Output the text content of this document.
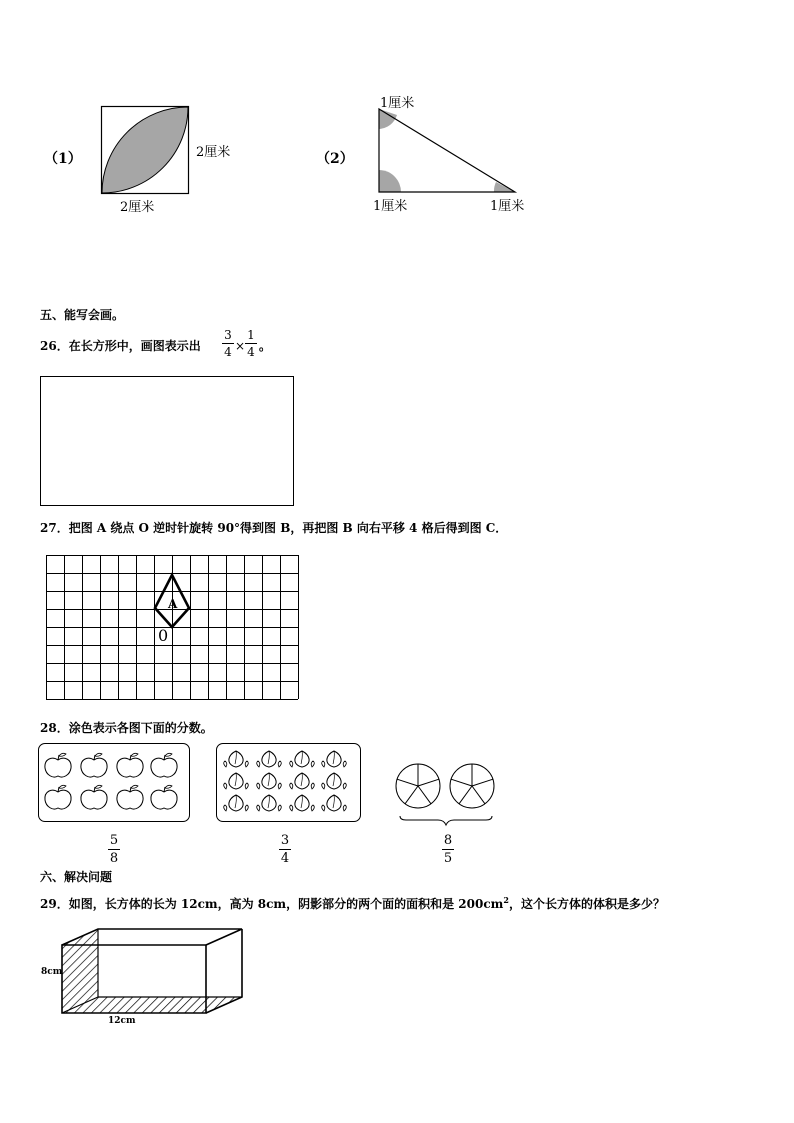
（1）	2厘米
2厘米
（2）
1厘米
1厘米	1厘米
五、能写会画。
26．在长方形中，画图表示出
3
4 ×
1
4 。
27．把图 A 绕点 O 逆时针旋转 90°得到图 B，再把图 B 向右平移 4 格后得到图 C．
A
0
28．涂色表示各图下面的分数。
5
8
3
4
8
5
六、解决问题
29．如图，长方体的长为 12cm，高为 8cm，阴影部分的两个面的面积和是 $200cm^2$，这个长方体的体积是多少？
8cm
12cm
